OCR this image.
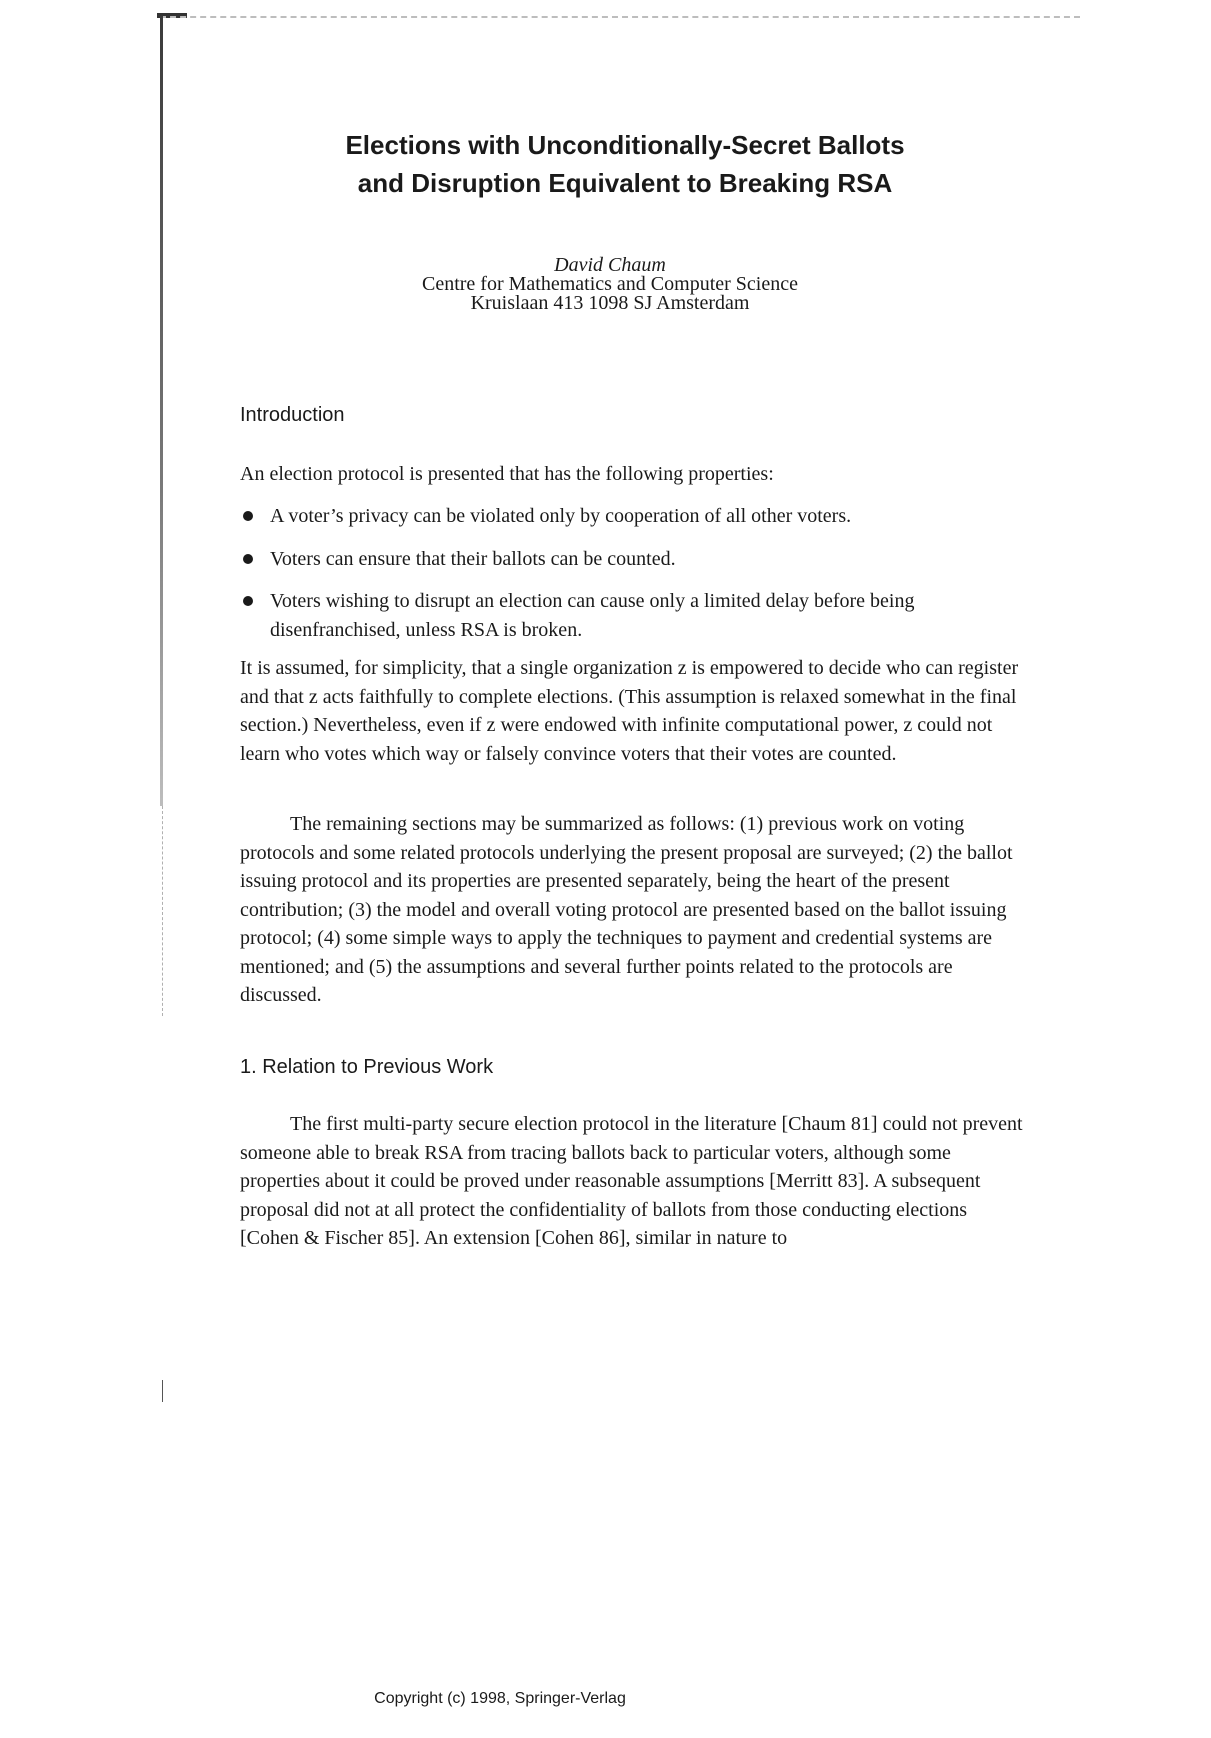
Elections with Unconditionally-Secret Ballots
and Disruption Equivalent to Breaking RSA
David Chaum
Centre for Mathematics and Computer Science
Kruislaan 413 1098 SJ Amsterdam
Introduction

An election protocol is presented that has the following properties:

A voter’s privacy can be violated only by cooperation of all other voters.
Voters can ensure that their ballots can be counted.
Voters wishing to disrupt an election can cause only a limited delay before being disenfranchised, unless RSA is broken.

It is assumed, for simplicity, that a single organization z is empowered to decide who can register and that z acts faithfully to complete elections. (This assumption is relaxed somewhat in the final section.) Nevertheless, even if z were endowed with infinite computational power, z could not learn who votes which way or falsely convince voters that their votes are counted.

The remaining sections may be summarized as follows: (1) previous work on voting protocols and some related protocols underlying the present proposal are surveyed; (2) the ballot issuing protocol and its properties are presented separately, being the heart of the present contribution; (3) the model and overall voting protocol are presented based on the ballot issuing protocol; (4) some simple ways to apply the techniques to payment and credential systems are mentioned; and (5) the assumptions and several further points related to the protocols are discussed.

1. Relation to Previous Work

The first multi-party secure election protocol in the literature [Chaum 81] could not prevent someone able to break RSA from tracing ballots back to particular voters, although some properties about it could be proved under reasonable assumptions [Merritt 83]. A subsequent proposal did not at all protect the confidentiality of ballots from those conducting elections [Cohen & Fischer 85]. An extension [Cohen 86], similar in nature to

Copyright (c) 1998, Springer-Verlag
